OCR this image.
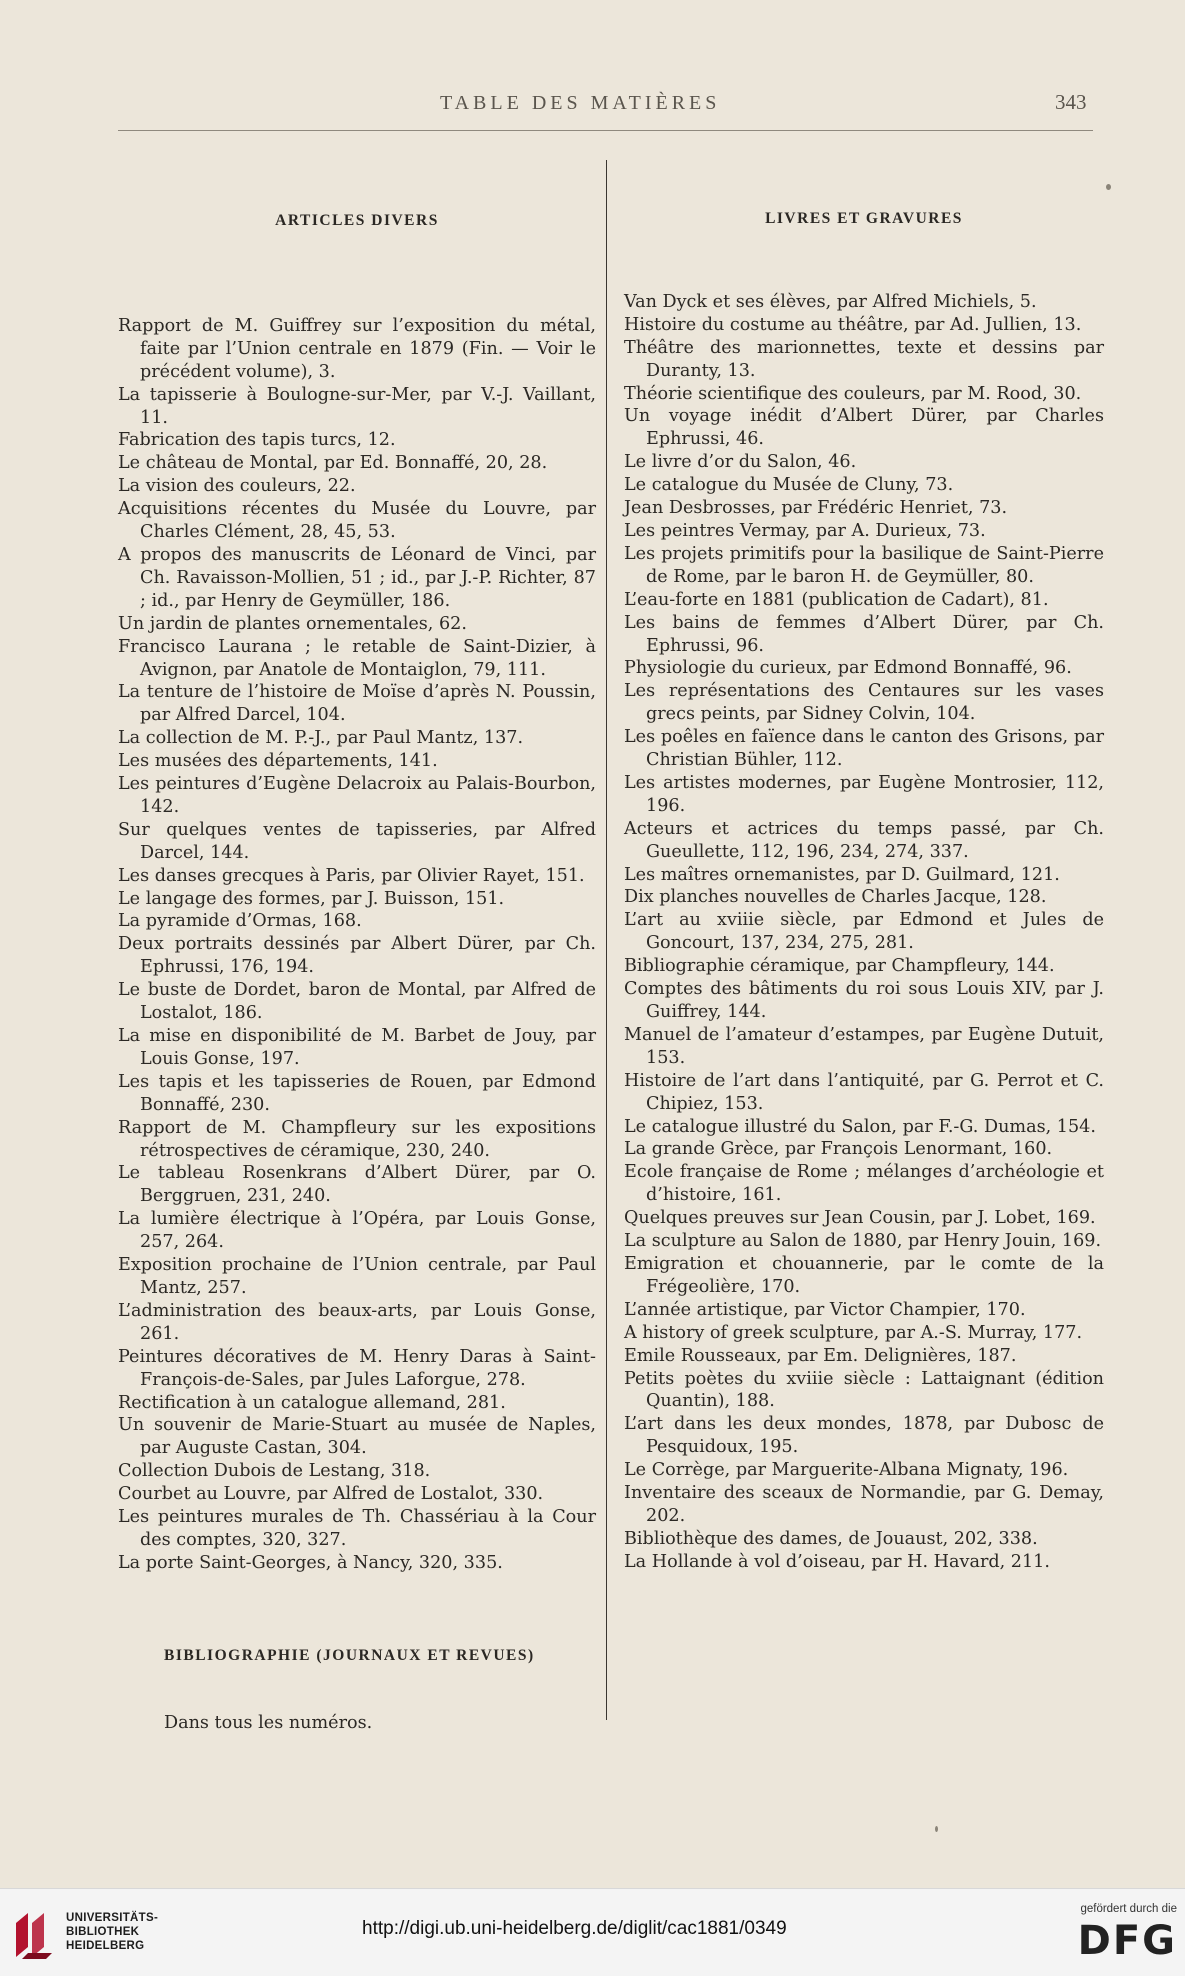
TABLE DES MATIÈRES	343
ARTICLES DIVERS
Rapport de M. Guiffrey sur l’exposition du métal, faite par l’Union centrale en 1879 (Fin. — Voir le précédent volume), 3.
La tapisserie à Boulogne-sur-Mer, par V.-J. Vaillant, 11.
Fabrication des tapis turcs, 12.
Le château de Montal, par Ed. Bonnaffé, 20, 28.
La vision des couleurs, 22.
Acquisitions récentes du Musée du Louvre, par Charles Clément, 28, 45, 53.
A propos des manuscrits de Léonard de Vinci, par Ch. Ravaisson-Mollien, 51 ; id., par J.-P. Richter, 87 ; id., par Henry de Geymüller, 186.
Un jardin de plantes ornementales, 62.
Francisco Laurana ; le retable de Saint-Dizier, à Avignon, par Anatole de Montaiglon, 79, 111.
La tenture de l’histoire de Moïse d’après N. Poussin, par Alfred Darcel, 104.
La collection de M. P.-J., par Paul Mantz, 137.
Les musées des départements, 141.
Les peintures d’Eugène Delacroix au Palais-Bourbon, 142.
Sur quelques ventes de tapisseries, par Alfred Darcel, 144.
Les danses grecques à Paris, par Olivier Rayet, 151.
Le langage des formes, par J. Buisson, 151.
La pyramide d’Ormas, 168.
Deux portraits dessinés par Albert Dürer, par Ch. Ephrussi, 176, 194.
Le buste de Dordet, baron de Montal, par Alfred de Lostalot, 186.
La mise en disponibilité de M. Barbet de Jouy, par Louis Gonse, 197.
Les tapis et les tapisseries de Rouen, par Edmond Bonnaffé, 230.
Rapport de M. Champfleury sur les expositions rétrospectives de céramique, 230, 240.
Le tableau Rosenkrans d’Albert Dürer, par O. Berggruen, 231, 240.
La lumière électrique à l’Opéra, par Louis Gonse, 257, 264.
Exposition prochaine de l’Union centrale, par Paul Mantz, 257.
L’administration des beaux-arts, par Louis Gonse, 261.
Peintures décoratives de M. Henry Daras à Saint-François-de-Sales, par Jules Laforgue, 278.
Rectification à un catalogue allemand, 281.
Un souvenir de Marie-Stuart au musée de Naples, par Auguste Castan, 304.
Collection Dubois de Lestang, 318.
Courbet au Louvre, par Alfred de Lostalot, 330.
Les peintures murales de Th. Chassériau à la Cour des comptes, 320, 327.
La porte Saint-Georges, à Nancy, 320, 335.
BIBLIOGRAPHIE (JOURNAUX ET REVUES)
Dans tous les numéros.
LIVRES ET GRAVURES
Van Dyck et ses élèves, par Alfred Michiels, 5.
Histoire du costume au théâtre, par Ad. Jullien, 13.
Théâtre des marionnettes, texte et dessins par Duranty, 13.
Théorie scientifique des couleurs, par M. Rood, 30.
Un voyage inédit d’Albert Dürer, par Charles Ephrussi, 46.
Le livre d’or du Salon, 46.
Le catalogue du Musée de Cluny, 73.
Jean Desbrosses, par Frédéric Henriet, 73.
Les peintres Vermay, par A. Durieux, 73.
Les projets primitifs pour la basilique de Saint-Pierre de Rome, par le baron H. de Geymüller, 80.
L’eau-forte en 1881 (publication de Cadart), 81.
Les bains de femmes d’Albert Dürer, par Ch. Ephrussi, 96.
Physiologie du curieux, par Edmond Bonnaffé, 96.
Les représentations des Centaures sur les vases grecs peints, par Sidney Colvin, 104.
Les poêles en faïence dans le canton des Grisons, par Christian Bühler, 112.
Les artistes modernes, par Eugène Montrosier, 112, 196.
Acteurs et actrices du temps passé, par Ch. Gueullette, 112, 196, 234, 274, 337.
Les maîtres ornemanistes, par D. Guilmard, 121.
Dix planches nouvelles de Charles Jacque, 128.
L’art au xviiie siècle, par Edmond et Jules de Goncourt, 137, 234, 275, 281.
Bibliographie céramique, par Champfleury, 144.
Comptes des bâtiments du roi sous Louis XIV, par J. Guiffrey, 144.
Manuel de l’amateur d’estampes, par Eugène Dutuit, 153.
Histoire de l’art dans l’antiquité, par G. Perrot et C. Chipiez, 153.
Le catalogue illustré du Salon, par F.-G. Dumas, 154.
La grande Grèce, par François Lenormant, 160.
Ecole française de Rome ; mélanges d’archéologie et d’histoire, 161.
Quelques preuves sur Jean Cousin, par J. Lobet, 169.
La sculpture au Salon de 1880, par Henry Jouin, 169.
Emigration et chouannerie, par le comte de la Frégeolière, 170.
L’année artistique, par Victor Champier, 170.
A history of greek sculpture, par A.-S. Murray, 177.
Emile Rousseaux, par Em. Delignières, 187.
Petits poètes du xviiie siècle : Lattaignant (édition Quantin), 188.
L’art dans les deux mondes, 1878, par Dubosc de Pesquidoux, 195.
Le Corrège, par Marguerite-Albana Mignaty, 196.
Inventaire des sceaux de Normandie, par G. Demay, 202.
Bibliothèque des dames, de Jouaust, 202, 338.
La Hollande à vol d’oiseau, par H. Havard, 211.
UNIVERSITÄTS-
BIBLIOTHEK
HEIDELBERG
http://digi.ub.uni-heidelberg.de/diglit/cac1881/0349
gefördert durch die
DFG
